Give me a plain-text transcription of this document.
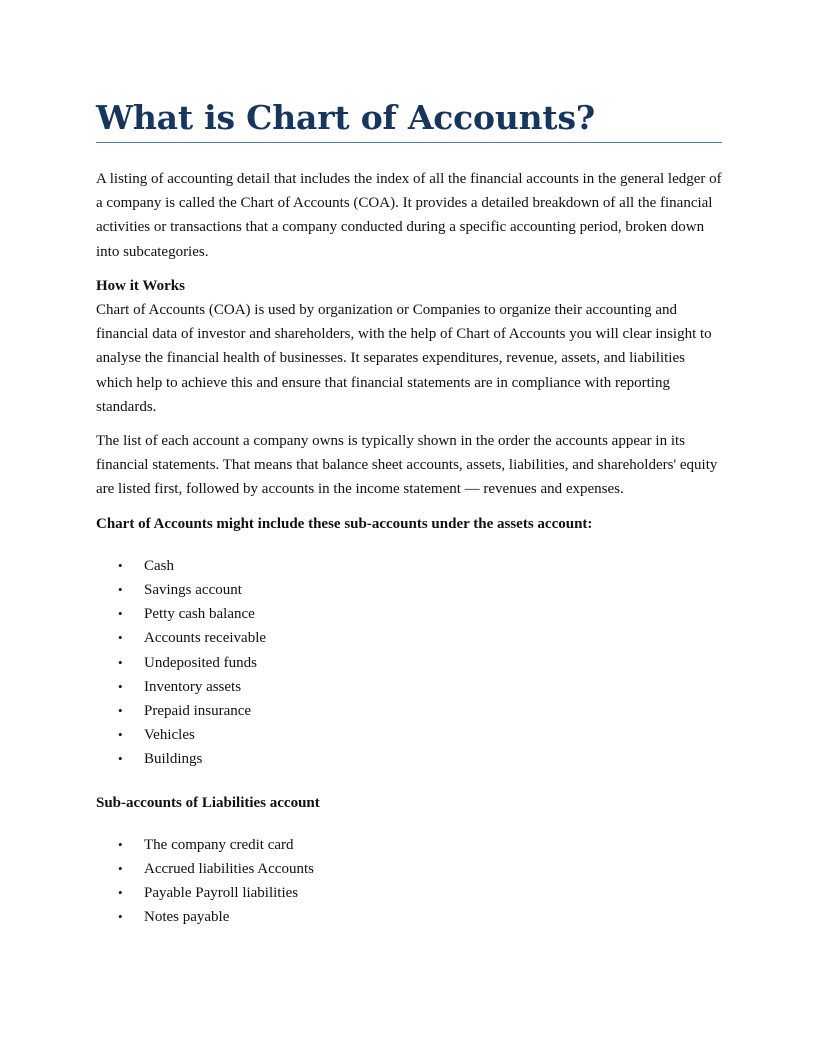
What is Chart of Accounts?

A listing of accounting detail that includes the index of all the financial accounts in the general ledger of a company is called the Chart of Accounts (COA). It provides a detailed breakdown of all the financial activities or transactions that a company conducted during a specific accounting period, broken down into subcategories.

How it Works
Chart of Accounts (COA) is used by organization or Companies to organize their accounting and financial data of investor and shareholders, with the help of Chart of Accounts you will clear insight to analyse the financial health of businesses. It separates expenditures, revenue, assets, and liabilities which help to achieve this and ensure that financial statements are in compliance with reporting standards.

The list of each account a company owns is typically shown in the order the accounts appear in its financial statements. That means that balance sheet accounts, assets, liabilities, and shareholders' equity are listed first, followed by accounts in the income statement — revenues and expenses.

Chart of Accounts might include these sub-accounts under the assets account:
• Cash
• Savings account
• Petty cash balance
• Accounts receivable
• Undeposited funds
• Inventory assets
• Prepaid insurance
• Vehicles
• Buildings
Sub-accounts of Liabilities account
• The company credit card
• Accrued liabilities Accounts
• Payable Payroll liabilities
• Notes payable
